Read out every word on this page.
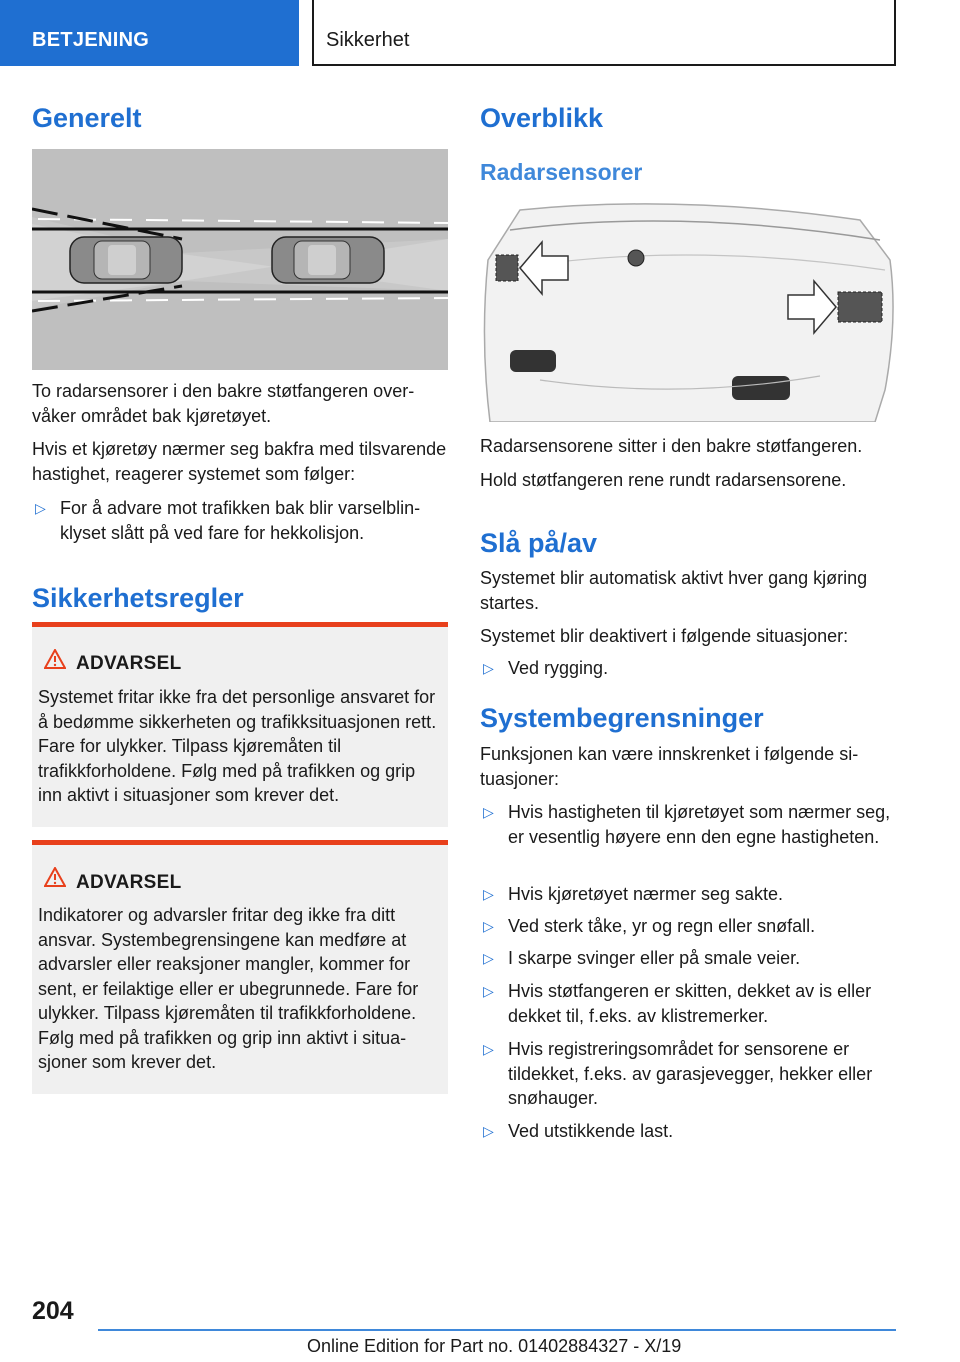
BETJENING	Sikkerhet
Generelt

To radarsensorer i den bakre støtfangeren overvåker området bak kjøretøyet.

Hvis et kjøretøy nærmer seg bakfra med tilsvarende hastighet, reagerer systemet som følger:

▷ For å advare mot trafikken bak blir varselblinklyset slått på ved fare for hekkolisjon.
Sikkerhetsregler
ADVARSEL
Systemet fritar ikke fra det personlige ansvaret for å bedømme sikkerheten og trafikksituasjonen rett. Fare for ulykker. Tilpass kjøremåten til trafikkforholdene. Følg med på trafikken og grip inn aktivt i situasjoner som krever det.
ADVARSEL
Indikatorer og advarsler fritar deg ikke fra ditt ansvar. Systembegrensingene kan medføre at advarsler eller reaksjoner mangler, kommer for sent, er feilaktige eller er ubegrunnede. Fare for ulykker. Tilpass kjøremåten til trafikkforholdene. Følg med på trafikken og grip inn aktivt i situasjoner som krever det.
Overblikk
Radarsensorer

Radarsensorene sitter i den bakre støtfangeren.

Hold støtfangeren rene rundt radarsensorene.

Slå på/av

Systemet blir automatisk aktivt hver gang kjøring startes.

Systemet blir deaktivert i følgende situasjoner:

▷ Ved rygging.
Systembegrensninger

Funksjonen kan være innskrenket i følgende situasjoner:

▷ Hvis hastigheten til kjøretøyet som nærmer seg, er vesentlig høyere enn den egne hastigheten.
▷ Hvis kjøretøyet nærmer seg sakte.
▷ Ved sterk tåke, yr og regn eller snøfall.
▷ I skarpe svinger eller på smale veier.
▷ Hvis støtfangeren er skitten, dekket av is eller dekket til, f.eks. av klistremerker.
▷ Hvis registreringsområdet for sensorene er tildekket, f.eks. av garasjevegger, hekker eller snøhauger.
▷ Ved utstikkende last.
204
Online Edition for Part no. 01402884327 - X/19
